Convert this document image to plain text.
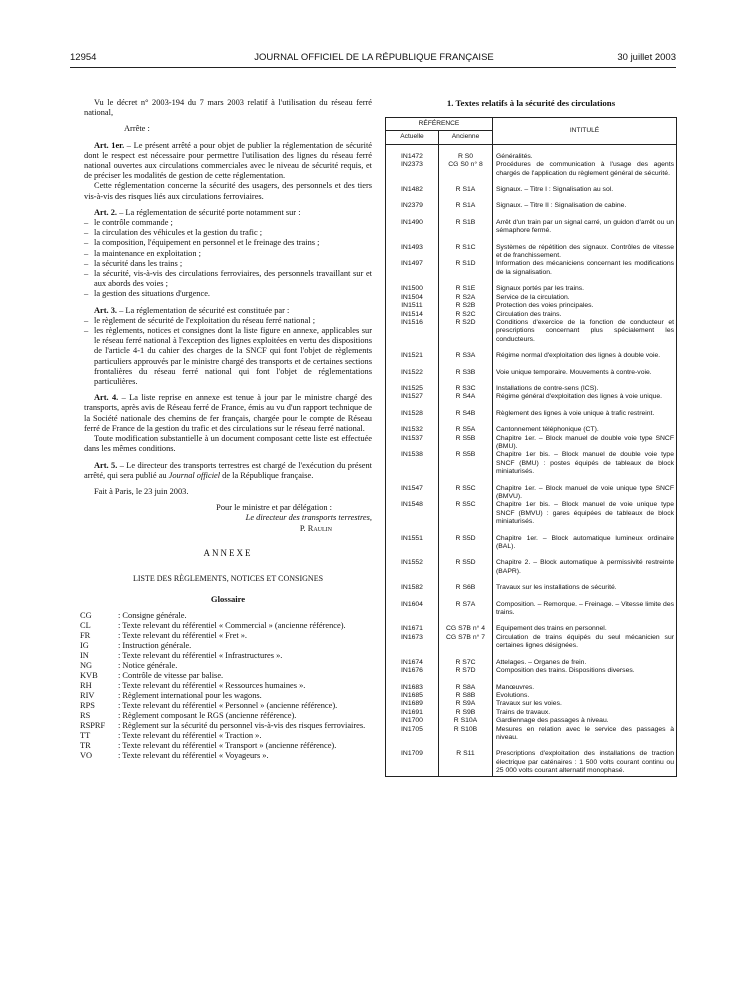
12954	JOURNAL OFFICIEL DE LA RÉPUBLIQUE FRANÇAISE	30 juillet 2003

Vu le décret n° 2003-194 du 7 mars 2003 relatif à l'utilisation du réseau ferré national,

Arrête :

Art. 1er. – Le présent arrêté a pour objet de publier la réglementation de sécurité dont le respect est nécessaire pour permettre l'utilisation des lignes du réseau ferré national ouvertes aux circulations commerciales avec le niveau de sécurité requis, et de préciser les modalités de gestion de cette réglementation.

Cette réglementation concerne la sécurité des usagers, des personnels et des tiers vis-à-vis des risques liés aux circulations ferroviaires.

Art. 2. – La réglementation de sécurité porte notamment sur :

– le contrôle commande ;
– la circulation des véhicules et la gestion du trafic ;
– la composition, l'équipement en personnel et le freinage des trains ;
– la maintenance en exploitation ;
– la sécurité dans les trains ;
– la sécurité, vis-à-vis des circulations ferroviaires, des personnels travaillant sur et aux abords des voies ;
– la gestion des situations d'urgence.

Art. 3. – La réglementation de sécurité est constituée par :

– le règlement de sécurité de l'exploitation du réseau ferré national ;
– les règlements, notices et consignes dont la liste figure en annexe, applicables sur le réseau ferré national à l'exception des lignes exploitées en vertu des dispositions de l'article 4-1 du cahier des charges de la SNCF qui font l'objet de règlements particuliers approuvés par le ministre chargé des transports et de certaines sections frontalières du réseau ferré national qui font l'objet de réglementations particulières.

Art. 4. – La liste reprise en annexe est tenue à jour par le ministre chargé des transports, après avis de Réseau ferré de France, émis au vu d'un rapport technique de la Société nationale des chemins de fer français, chargée pour le compte de Réseau ferré de France de la gestion du trafic et des circulations sur le réseau ferré national.

Toute modification substantielle à un document composant cette liste est effectuée dans les mêmes conditions.

Art. 5. – Le directeur des transports terrestres est chargé de l'exécution du présent arrêté, qui sera publié au Journal officiel de la République française.

Fait à Paris, le 23 juin 2003.

Pour le ministre et par délégation :

Le directeur des transports terrestres,

P. Raulin

ANNEXE
LISTE DES RÈGLEMENTS, NOTICES ET CONSIGNES
Glossaire
CG	: Consigne générale.
CL	: Texte relevant du référentiel « Commercial » (ancienne référence).
FR	: Texte relevant du référentiel « Fret ».
IG	: Instruction générale.
IN	: Texte relevant du référentiel « Infrastructures ».
NG	: Notice générale.
KVB	: Contrôle de vitesse par balise.
RH	: Texte relevant du référentiel « Ressources humaines ».
RIV	: Règlement international pour les wagons.
RPS	: Texte relevant du référentiel « Personnel » (ancienne référence).
RS	: Règlement composant le RGS (ancienne référence).
RSPRF	: Règlement sur la sécurité du personnel vis-à-vis des risques ferroviaires.
TT	: Texte relevant du référentiel « Traction ».
TR	: Texte relevant du référentiel « Transport » (ancienne référence).
VO	: Texte relevant du référentiel « Voyageurs ».
1. Textes relatifs à la sécurité des circulations
RÉFÉRENCE		INTITULÉ
Actuelle	Ancienne	

IN1472	R S0	Généralités.
IN2373	CG S0 n° 8	Procédures de communication à l'usage des agents chargés de l'application du règlement général de sécurité.

IN1482	R S1A	Signaux. – Titre I : Signalisation au sol.

IN2379	R S1A	Signaux. – Titre II : Signalisation de cabine.

IN1490	R S1B	Arrêt d'un train par un signal carré, un guidon d'arrêt ou un sémaphore fermé.

IN1493	R S1C	Systèmes de répétition des signaux. Contrôles de vitesse et de franchissement.
IN1497	R S1D	Information des mécaniciens concernant les modifications de la signalisation.

IN1500	R S1E	Signaux portés par les trains.
IN1504	R S2A	Service de la circulation.
IN1511	R S2B	Protection des voies principales.
IN1514	R S2C	Circulation des trains.
IN1516	R S2D	Conditions d'exercice de la fonction de conducteur et prescriptions concernant plus spécialement les conducteurs.

IN1521	R S3A	Régime normal d'exploitation des lignes à double voie.

IN1522	R S3B	Voie unique temporaire. Mouvements à contre-voie.

IN1525	R S3C	Installations de contre-sens (ICS).
IN1527	R S4A	Régime général d'exploitation des lignes à voie unique.

IN1528	R S4B	Règlement des lignes à voie unique à trafic restreint.

IN1532	R S5A	Cantonnement téléphonique (CT).
IN1537	R S5B	Chapitre 1er. – Block manuel de double voie type SNCF (BMU).
IN1538	R S5B	Chapitre 1er bis. – Block manuel de double voie type SNCF (BMU) : postes équipés de tableaux de block miniaturisés.

IN1547	R S5C	Chapitre 1er. – Block manuel de voie unique type SNCF (BMVU).
IN1548	R S5C	Chapitre 1er bis. – Block manuel de voie unique type SNCF (BMVU) : gares équipées de tableaux de block miniaturisés.

IN1551	R S5D	Chapitre 1er. – Block automatique lumineux ordinaire (BAL).

IN1552	R S5D	Chapitre 2. – Block automatique à permissivité restreinte (BAPR).

IN1582	R S6B	Travaux sur les installations de sécurité.

IN1604	R S7A	Composition. – Remorque. – Freinage. – Vitesse limite des trains.

IN1671	CG S7B n° 4	Equipement des trains en personnel.
IN1673	CG S7B n° 7	Circulation de trains équipés du seul mécanicien sur certaines lignes désignées.

IN1674	R S7C	Attelages. – Organes de frein.
IN1676	R S7D	Composition des trains. Dispositions diverses.

IN1683	R S8A	Manœuvres.
IN1685	R S8B	Evolutions.
IN1689	R S9A	Travaux sur les voies.
IN1691	R S9B	Trains de travaux.
IN1700	R S10A	Gardiennage des passages à niveau.
IN1705	R S10B	Mesures en relation avec le service des passages à niveau.

IN1709	R S11	Prescriptions d'exploitation des installations de traction électrique par caténaires : 1 500 volts courant continu ou 25 000 volts courant alternatif monophasé.
